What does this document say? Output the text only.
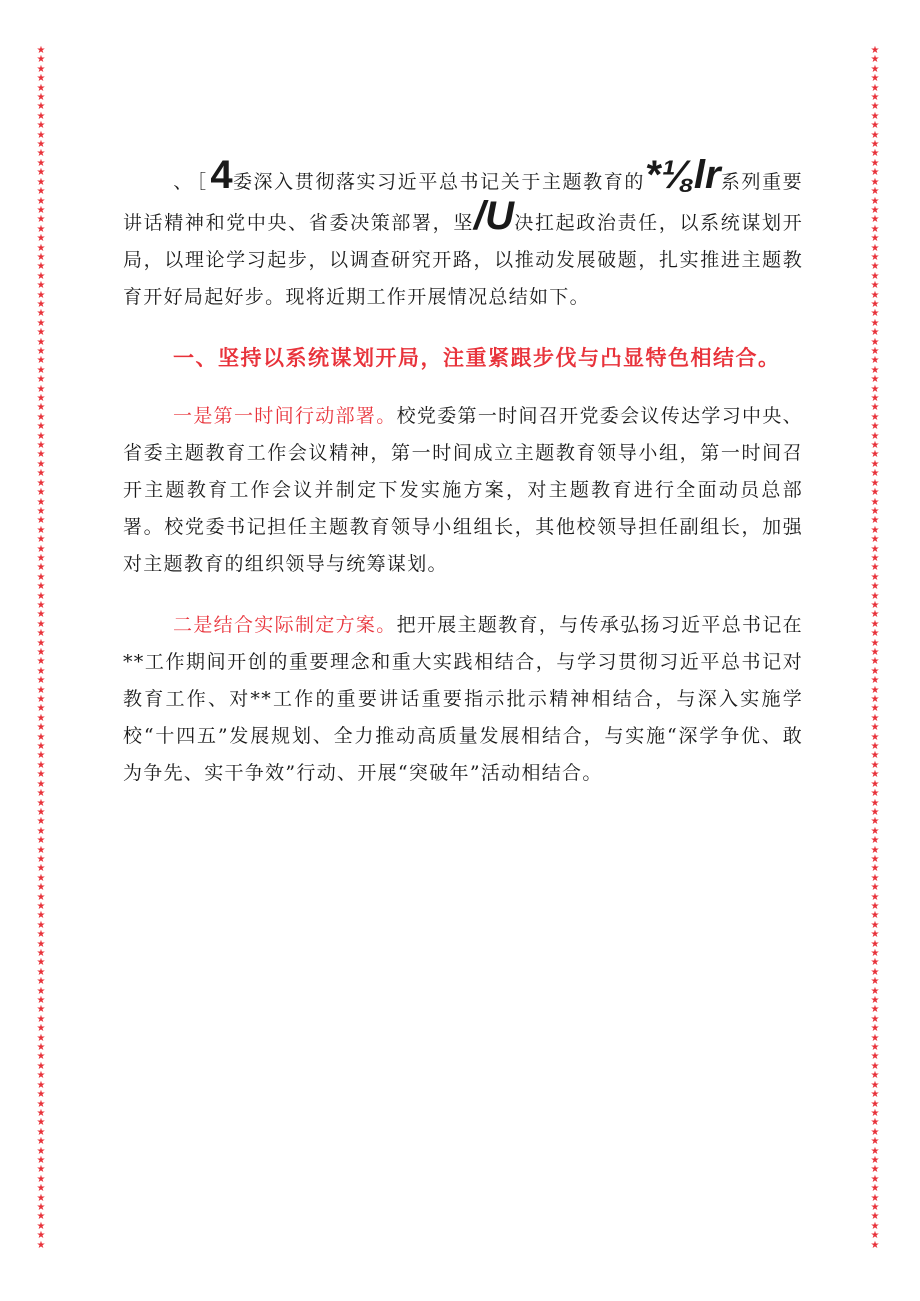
★
★
★
★
★
★
★
★
★
★
★
★
★
★
★
★
★
★
★
★
★
★
★
★
★
★
★
★
★
★
★
★
★
★
★
★
★
★
★
★
★
★
★
★
★
★
★
★
★
★
★
★
★
★
★
★
★
★
★
★
★
★
★
★
★
★
★
★
★
★
★
★
★
★
★
★
★
★
★
★
★
★
★
★
★
★
★
★
★
★
★
★
★
★
★
★
★
★
★
★
★
★
★
★
★
★
★
★
★
★
★
★
★
★
★
★
★
★
★
★
★
★
★
★
★
★
★
★
★
★
★
★
★
★
★
★
★
★
★
★
★
★
★
★
★
★
★
★
★
★
★
★
★
★
★
★
★
★
★
★
★
★
★
★
★
★
★
★
★
★
★
★
★
★
★
★
★
★
★
★
★
★
★
★
★
★
★
★
★
★
★
★
★
★
★
★
★
★
★
★
★
★
★
★
★
★
★
★
★
★
★
★
★
★
★
★
★
★
★
★
★
★
★
★
★
★
★
★
★
★
★
★
★
★
★
★
★
★
★
★
★
★
★
★
★
★
★
★
★
★
★
★
★
★
★
★

、［4委深入贯彻落实习近平总书记关于主题教育的*⅛lr系列重要讲话精神和党中央、省委决策部署，坚/U决扛起政治责任，以系统谋划开局，以理论学习起步，以调查研究开路，以推动发展破题，扎实推进主题教育开好局起好步。现将近期工作开展情况总结如下。

一、坚持以系统谋划开局，注重紧跟步伐与凸显特色相结合。

一是第一时间行动部署。校党委第一时间召开党委会议传达学习中央、省委主题教育工作会议精神，第一时间成立主题教育领导小组，第一时间召开主题教育工作会议并制定下发实施方案，对主题教育进行全面动员总部署。校党委书记担任主题教育领导小组组长，其他校领导担任副组长，加强对主题教育的组织领导与统筹谋划。

二是结合实际制定方案。把开展主题教育，与传承弘扬习近平总书记在**工作期间开创的重要理念和重大实践相结合，与学习贯彻习近平总书记对教育工作、对**工作的重要讲话重要指示批示精神相结合，与深入实施学校“十四五”发展规划、全力推动高质量发展相结合，与实施“深学争优、敢为争先、实干争效”行动、开展“突破年”活动相结合。
